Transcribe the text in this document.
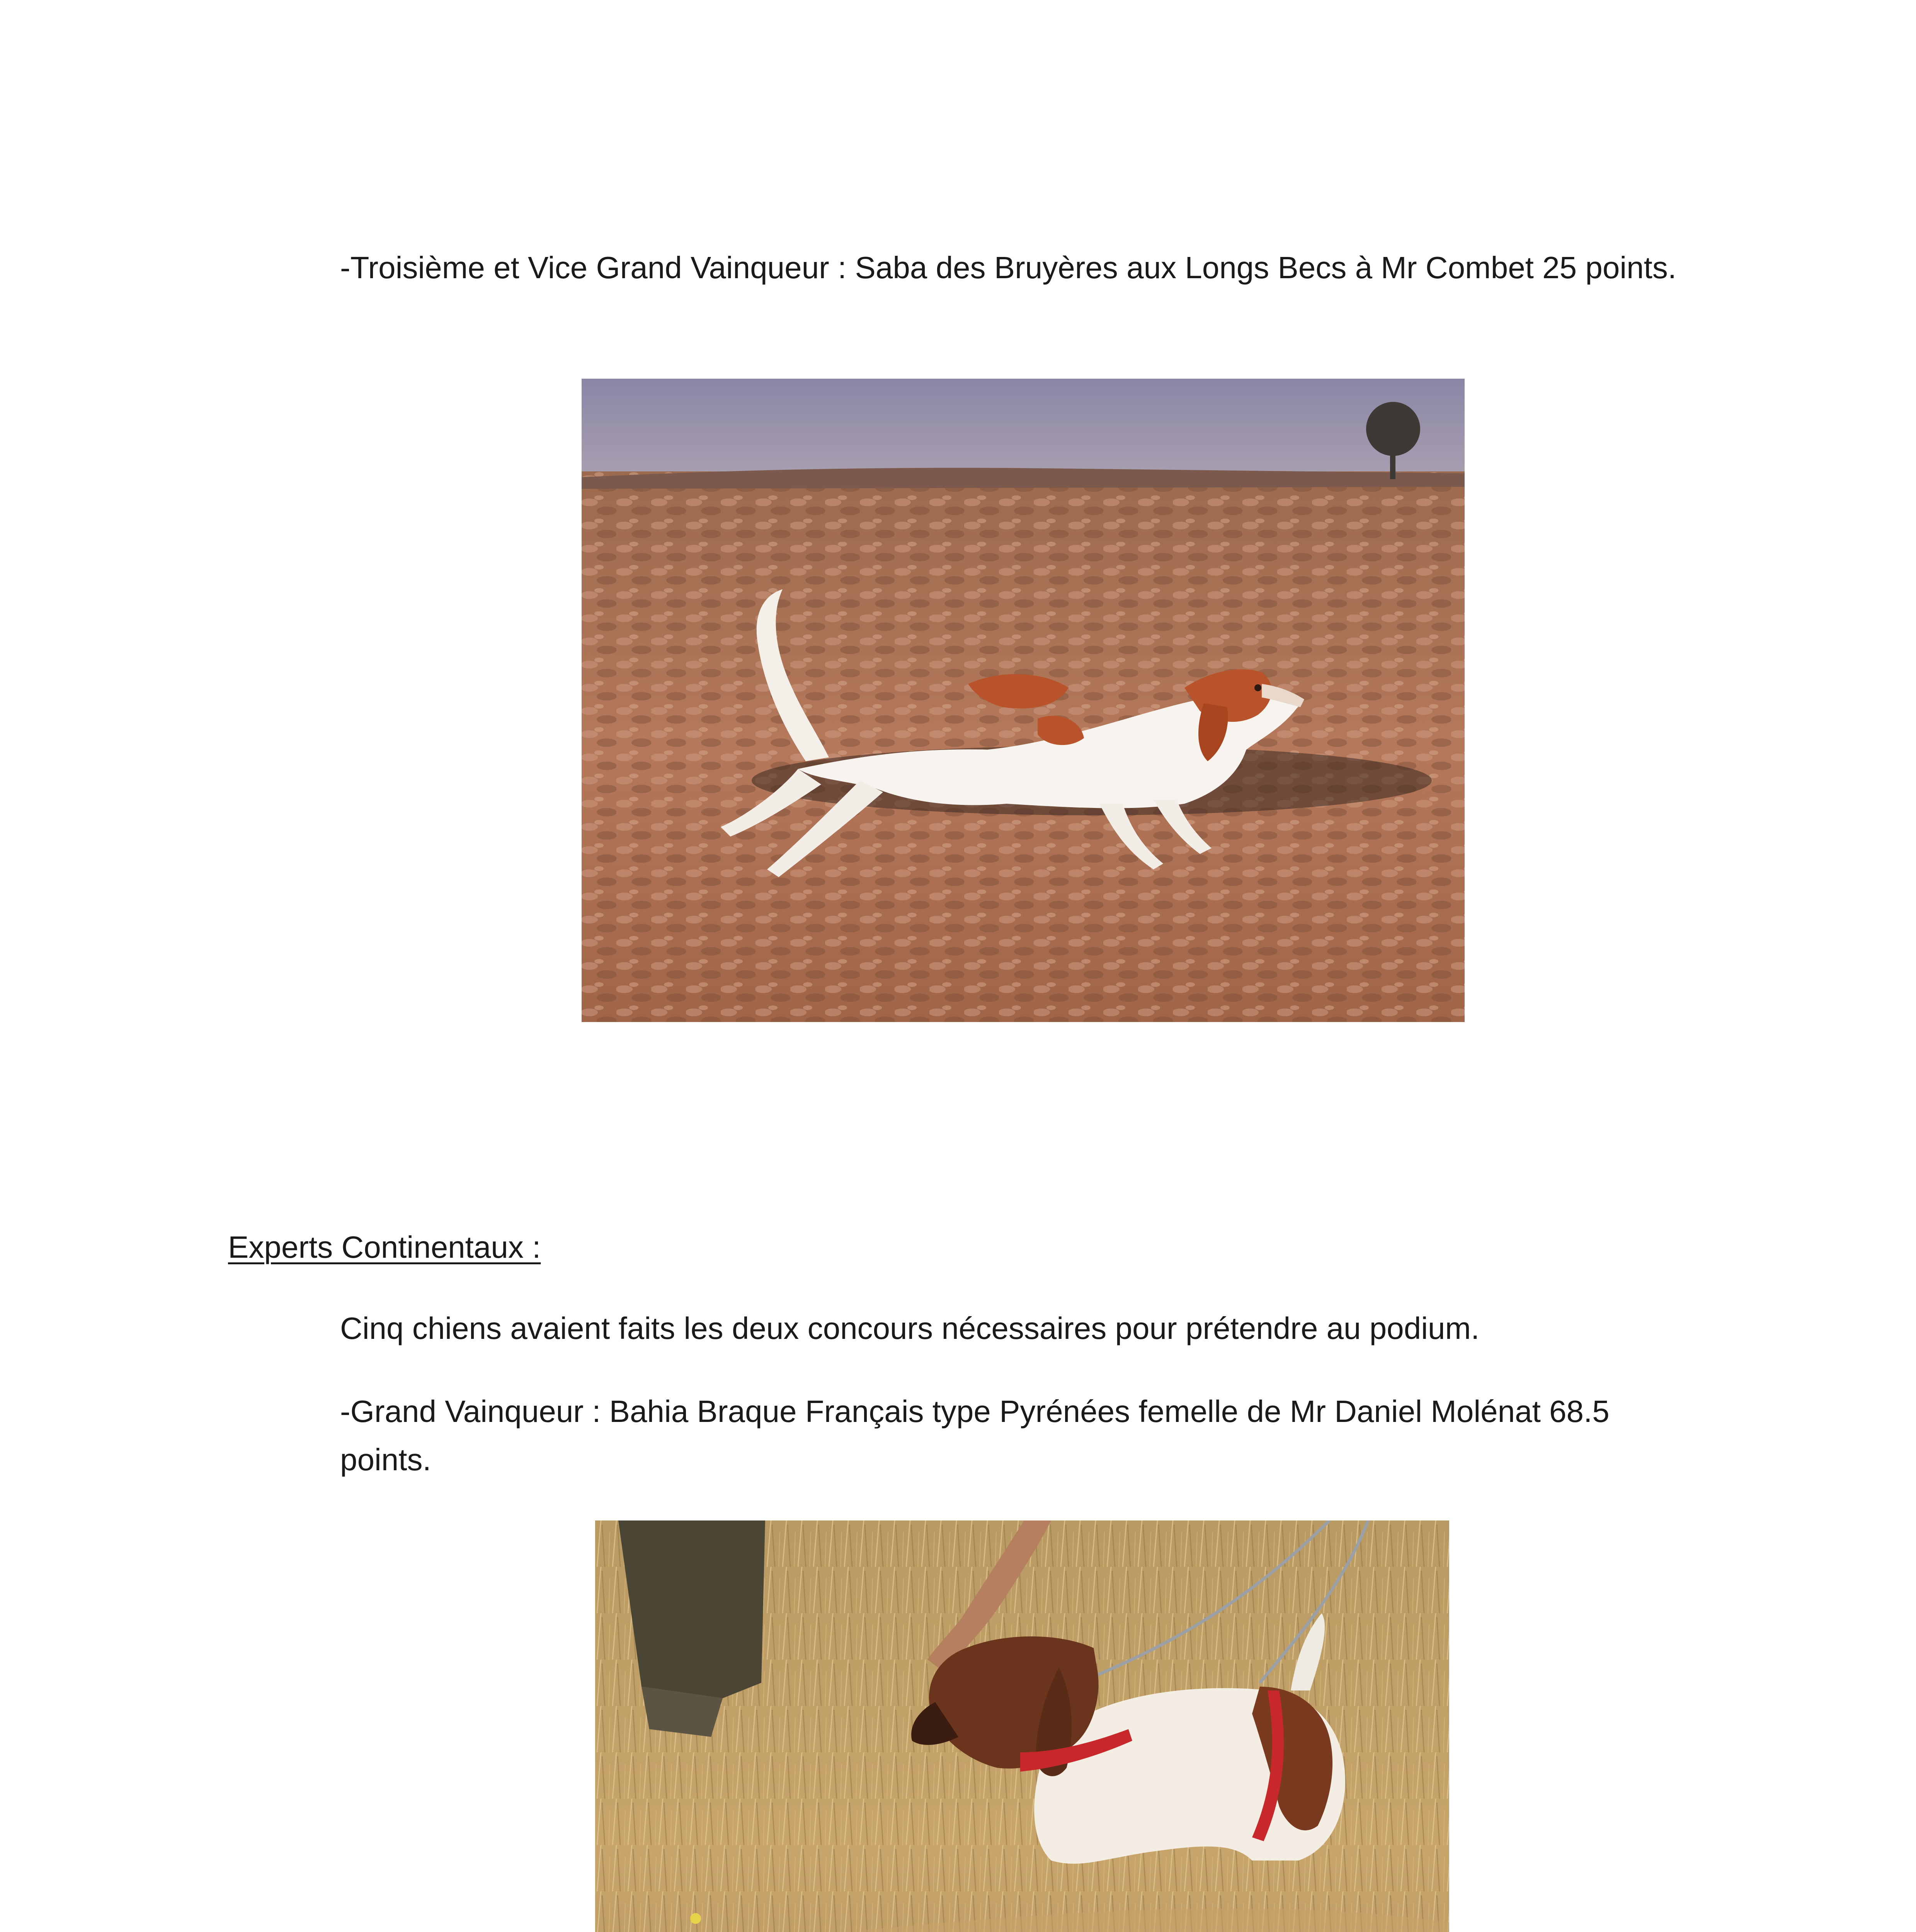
-Troisième et Vice Grand Vainqueur : Saba des Bruyères aux Longs Becs à Mr Combet 25 points.

Experts Continentaux :

Cinq chiens avaient faits les deux concours nécessaires pour prétendre au podium.

-Grand Vainqueur : Bahia Braque Français type Pyrénées femelle de Mr Daniel Molénat 68.5 points.
